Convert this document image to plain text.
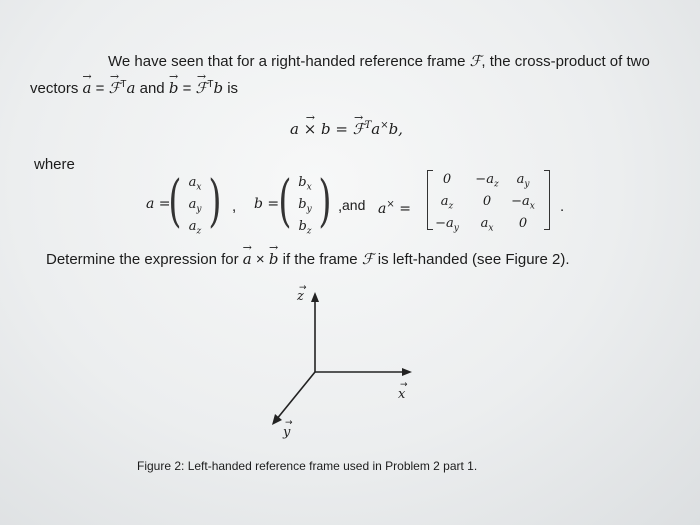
We have seen that for a right-handed reference frame ℱ, the cross-product of two
vectors → a = → ℱ$^T$a and → b = → ℱ$^T$b is
→ a × b = → ℱ$^T$a×b,
where
a =
( $a_x$
$a_y$
$a_z$ ) , b = ( $b_x$
$b_y$
$b_z$ ) , and a× =
0	$-a_z$	$a_y$
$a_z$	0	$-a_x$
$-a_y$	$a_x$	0
.
Determine the expression for → a × → b if the frame ℱ is left-handed (see Figure 2).
z
x
y
→
→
→
Figure 2: Left-handed reference frame used in Problem 2 part 1.
